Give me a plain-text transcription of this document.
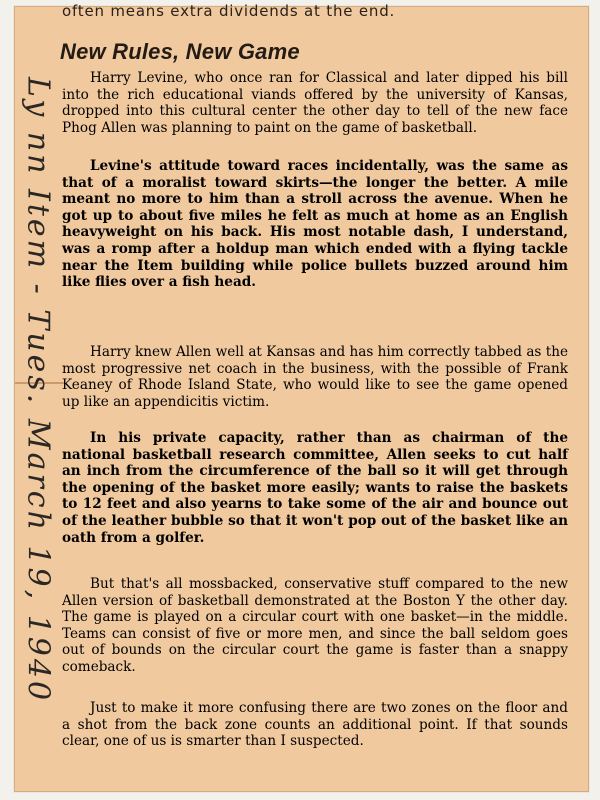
often means extra dividends at the end.
New Rules, New Game
Harry Levine, who once ran for Classical and later dipped his bill into the rich educational viands offered by the university of Kansas, dropped into this cultural center the other day to tell of the new face Phog Allen was planning to paint on the game of basketball.
Levine's attitude toward races incidentally, was the same as that of a moralist toward skirts—the longer the better. A mile meant no more to him than a stroll across the avenue. When he got up to about five miles he felt as much at home as an English heavyweight on his back. His most notable dash, I understand, was a romp after a holdup man which ended with a flying tackle near the Item building while police bullets buzzed around him like flies over a fish head.
Harry knew Allen well at Kansas and has him correctly tabbed as the most progressive net coach in the business, with the possible of Frank Keaney of Rhode Island State, who would like to see the game opened up like an appendicitis victim.
In his private capacity, rather than as chairman of the national basketball research committee, Allen seeks to cut half an inch from the circumference of the ball so it will get through the opening of the basket more easily; wants to raise the baskets to 12 feet and also yearns to take some of the air and bounce out of the leather bubble so that it won't pop out of the basket like an oath from a golfer.
But that's all mossbacked, conservative stuff compared to the new Allen version of basketball demonstrated at the Boston Y the other day. The game is played on a circular court with one basket—in the middle. Teams can consist of five or more men, and since the ball seldom goes out of bounds on the circular court the game is faster than a snappy comeback.
Just to make it more confusing there are two zones on the floor and a shot from the back zone counts an additional point. If that sounds clear, one of us is smarter than I suspected.
Ly nn Item - Tues. March 19, 1940
